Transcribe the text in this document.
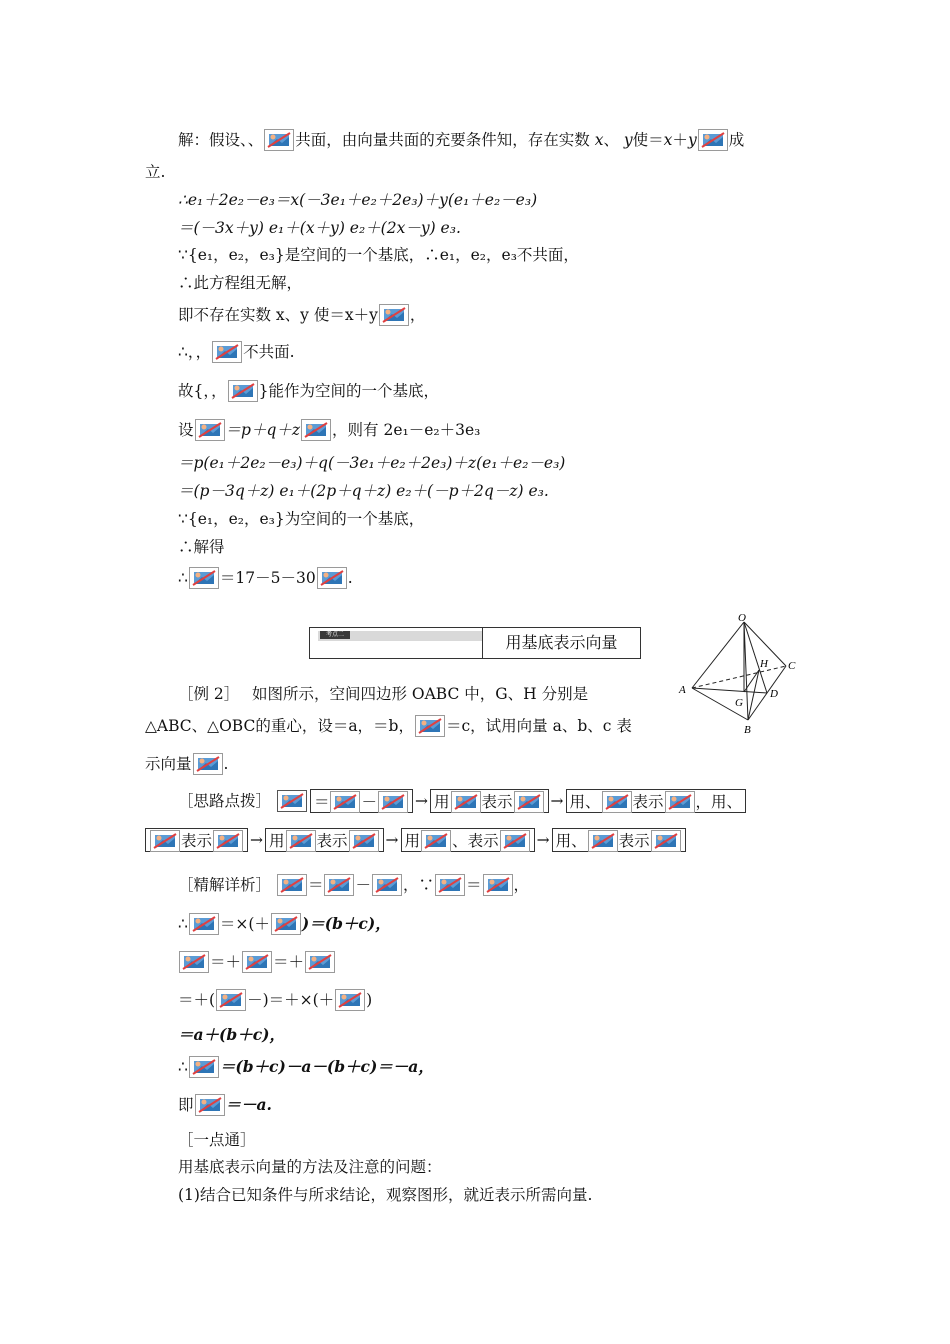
解：假设、、 共面，由向量共面的充要条件知，存在实数 x、 y使＝x＋y 成
立.
∴e₁＋2e₂－e₃＝x(－3e₁＋e₂＋2e₃)＋y(e₁＋e₂－e₃)
＝(－3x＋y) e₁＋(x＋y) e₂＋(2x－y) e₃.
∵{e₁，e₂，e₃}是空间的一个基底，∴e₁，e₂，e₃不共面，
∴此方程组无解，
即不存在实数 x、y 使＝x＋y ，
∴，， 不共面.
故{，， }能作为空间的一个基底，
设 ＝p＋q＋z ，则有 2e₁－e₂＋3e₃
＝p(e₁＋2e₂－e₃)＋q(－3e₁＋e₂＋2e₃)＋z(e₁＋e₂－e₃)
＝(p－3q＋z) e₁＋(2p＋q＋z) e₂＋(－p＋2q－z) e₃.
∵{e₁，e₂，e₃}为空间的一个基底，
∴解得
∴ ＝17－5－30 .
考点二	用基底表示向量
O
A
B
C
G
H
D
［例 2］　 如图所示，空间四边形 OABC 中，G、H 分别是
△ABC、△OBC的重心，设＝a，＝b， ＝c，试用向量 a、b、c 表
示向量 .
［思路点拨］	＝ － → 用 表示 → 用、 表示 ，用、
表示 → 用 表示 → 用 、表示 → 用、 表示
［精解详析］ ＝ － ，∵ ＝ ，
∴ ＝×(＋ )＝(b＋c)，
＝＋ ＝＋
＝＋( －)＝＋×(＋ )
＝a＋(b＋c)，
∴ ＝(b＋c)－a－(b＋c)＝－a，
即 ＝－a.
［一点通］
用基底表示向量的方法及注意的问题：
(1)结合已知条件与所求结论，观察图形，就近表示所需向量.
